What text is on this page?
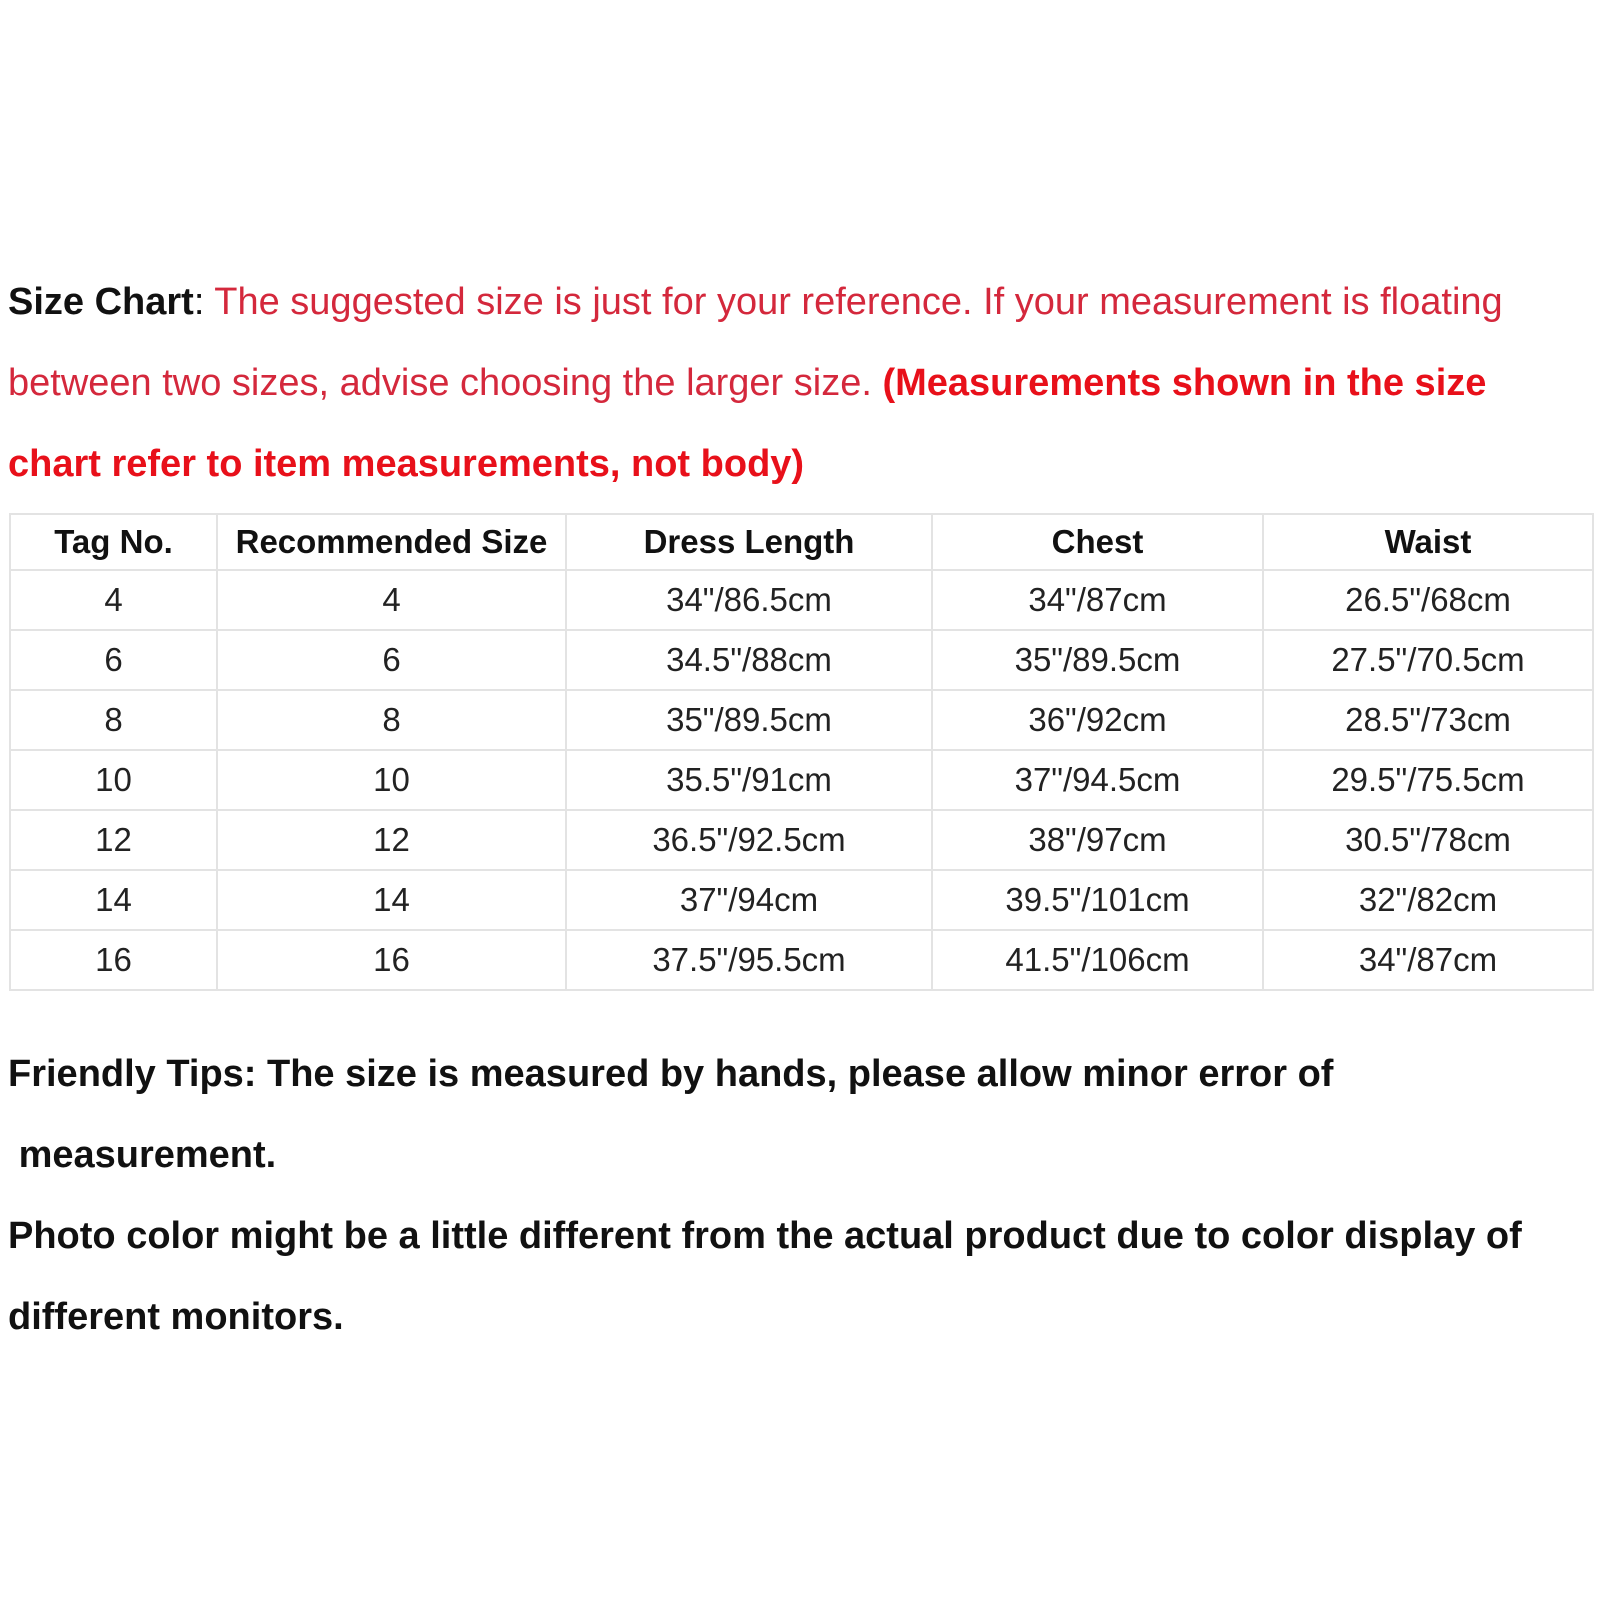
Size Chart: The suggested size is just for your reference. If your measurement is floating between two sizes, advise choosing the larger size. (Measurements shown in the size chart refer to item measurements, not body)
Tag No.	Recommended Size	Dress Length	Chest	Waist
4	4	34"/86.5cm	34"/87cm	26.5"/68cm
6	6	34.5"/88cm	35"/89.5cm	27.5"/70.5cm
8	8	35"/89.5cm	36"/92cm	28.5"/73cm
10	10	35.5"/91cm	37"/94.5cm	29.5"/75.5cm
12	12	36.5"/92.5cm	38"/97cm	30.5"/78cm
14	14	37"/94cm	39.5"/101cm	32"/82cm
16	16	37.5"/95.5cm	41.5"/106cm	34"/87cm

Friendly Tips: The size is measured by hands, please allow minor error of
measurement.

Photo color might be a little different from the actual product due to color display of different monitors.
